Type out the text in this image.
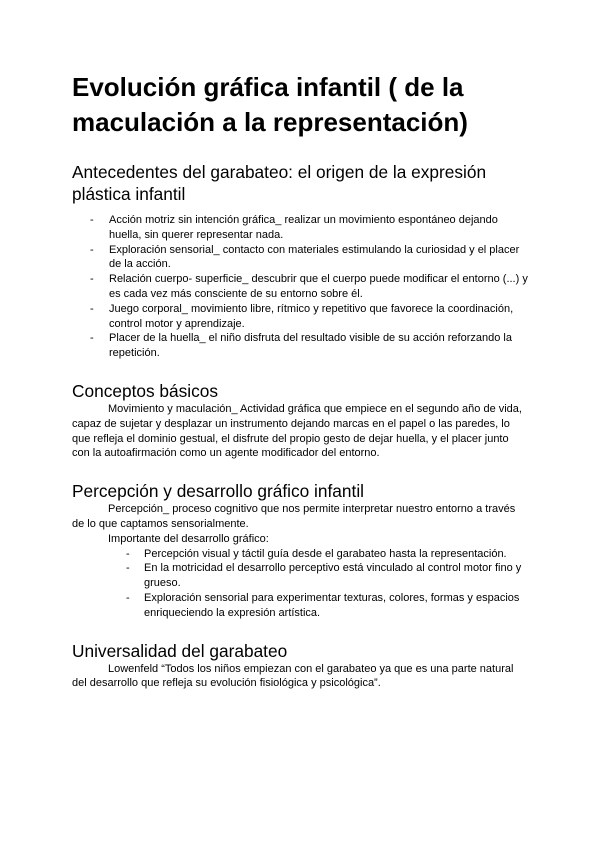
Evolución gráfica infantil ( de la maculación a la representación)
Antecedentes del garabateo: el origen de la expresión plástica infantil
- Acción motriz sin intención gráfica_ realizar un movimiento espontáneo dejando huella, sin querer representar nada.
- Exploración sensorial_ contacto con materiales estimulando la curiosidad y el placer de la acción.
- Relación cuerpo- superficie_ descubrir que el cuerpo puede modificar el entorno (...) y es cada vez más consciente de su entorno sobre él.
- Juego corporal_ movimiento libre, rítmico y repetitivo que favorece la coordinación, control motor y aprendizaje.
- Placer de la huella_ el niño disfruta del resultado visible de su acción reforzando la repetición.
Conceptos básicos

Movimiento y maculación_ Actividad gráfica que empiece en el segundo año de vida, capaz de sujetar y desplazar un instrumento dejando marcas en el papel o las paredes, lo que refleja el dominio gestual, el disfrute del propio gesto de dejar huella, y el placer junto con la autoafirmación como un agente modificador del entorno.

Percepción y desarrollo gráfico infantil

Percepción_ proceso cognitivo que nos permite interpretar nuestro entorno a través de lo que captamos sensorialmente.

Importante del desarrollo gráfico:

- Percepción visual y táctil guía desde el garabateo hasta la representación.
- En la motricidad el desarrollo perceptivo está vinculado al control motor fino y grueso.
- Exploración sensorial para experimentar texturas, colores, formas y espacios enriqueciendo la expresión artística.
Universalidad del garabateo

Lowenfeld “Todos los niños empiezan con el garabateo ya que es una parte natural del desarrollo que refleja su evolución fisiológica y psicológica”.
